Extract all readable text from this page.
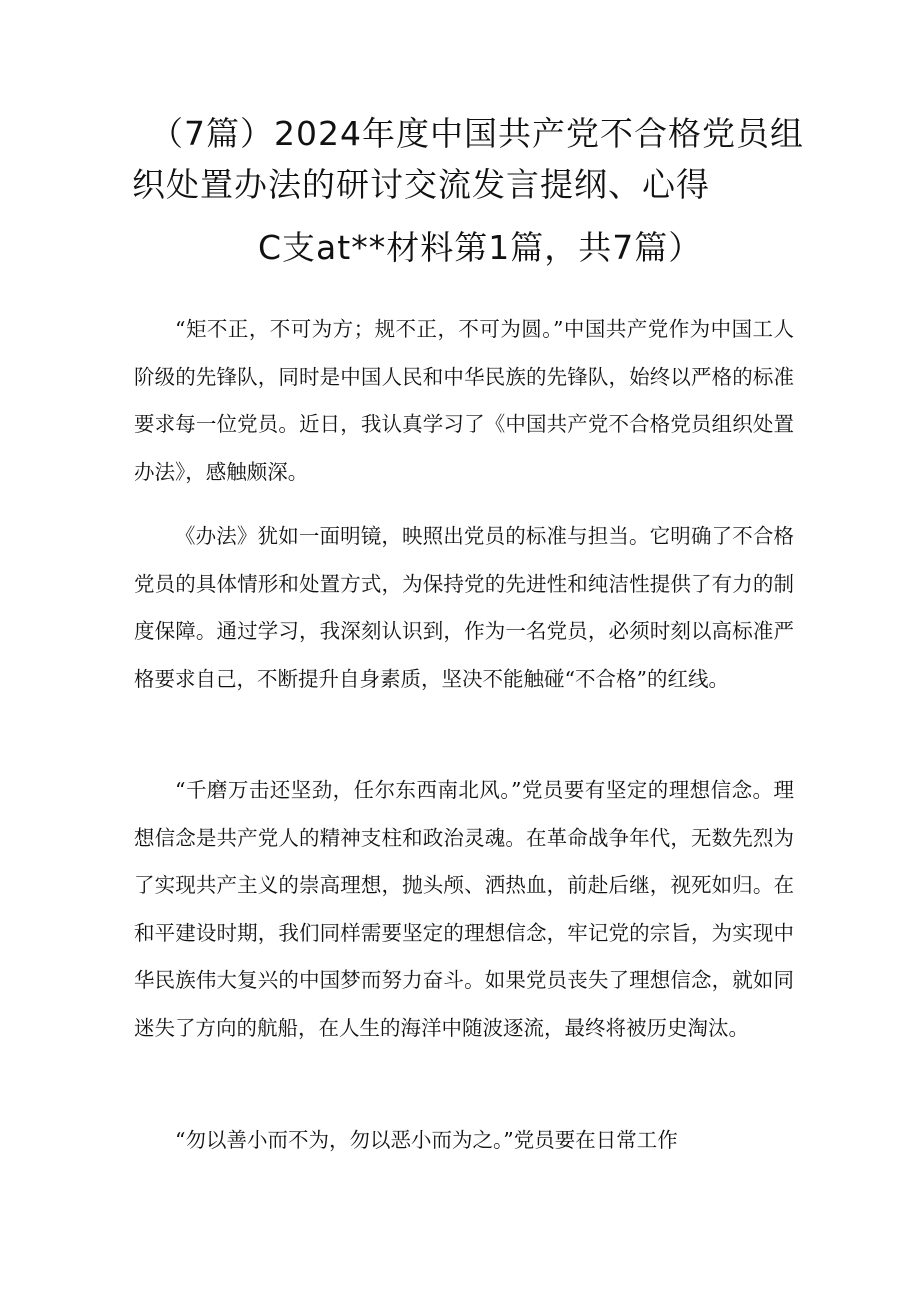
（7篇）2024年度中国共产党不合格党员组
织处置办法的研讨交流发言提纲、心得
C支at**材料第1篇，共7篇）

“矩不正，不可为方；规不正，不可为圆。”中国共产党作为中国工人阶级的先锋队，同时是中国人民和中华民族的先锋队，始终以严格的标准要求每一位党员。近日，我认真学习了《中国共产党不合格党员组织处置办法》，感触颇深。

《办法》犹如一面明镜，映照出党员的标准与担当。它明确了不合格党员的具体情形和处置方式，为保持党的先进性和纯洁性提供了有力的制度保障。通过学习，我深刻认识到，作为一名党员，必须时刻以高标准严格要求自己，不断提升自身素质，坚决不能触碰“不合格”的红线。

“千磨万击还坚劲，任尔东西南北风。”党员要有坚定的理想信念。理想信念是共产党人的精神支柱和政治灵魂。在革命战争年代，无数先烈为了实现共产主义的崇高理想，抛头颅、洒热血，前赴后继，视死如归。在和平建设时期，我们同样需要坚定的理想信念，牢记党的宗旨，为实现中华民族伟大复兴的中国梦而努力奋斗。如果党员丧失了理想信念，就如同迷失了方向的航船，在人生的海洋中随波逐流，最终将被历史淘汰。

“勿以善小而不为，勿以恶小而为之。”党员要在日常工作
